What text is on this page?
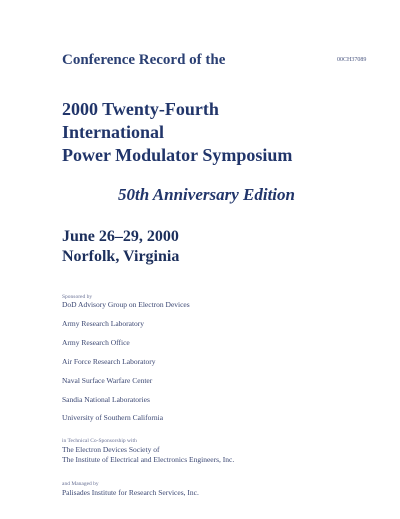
Conference Record of the	00CH37089
2000 Twenty-Fourth
International
Power Modulator Symposium
50th Anniversary Edition
June 26–29, 2000
Norfolk, Virginia
Sponsored by
DoD Advisory Group on Electron Devices
Army Research Laboratory
Army Research Office
Air Force Research Laboratory
Naval Surface Warfare Center
Sandia National Laboratories
University of Southern California
in Technical Co-Sponsorship with
The Electron Devices Society of
The Institute of Electrical and Electronics Engineers, Inc.
and Managed by
Palisades Institute for Research Services, Inc.
